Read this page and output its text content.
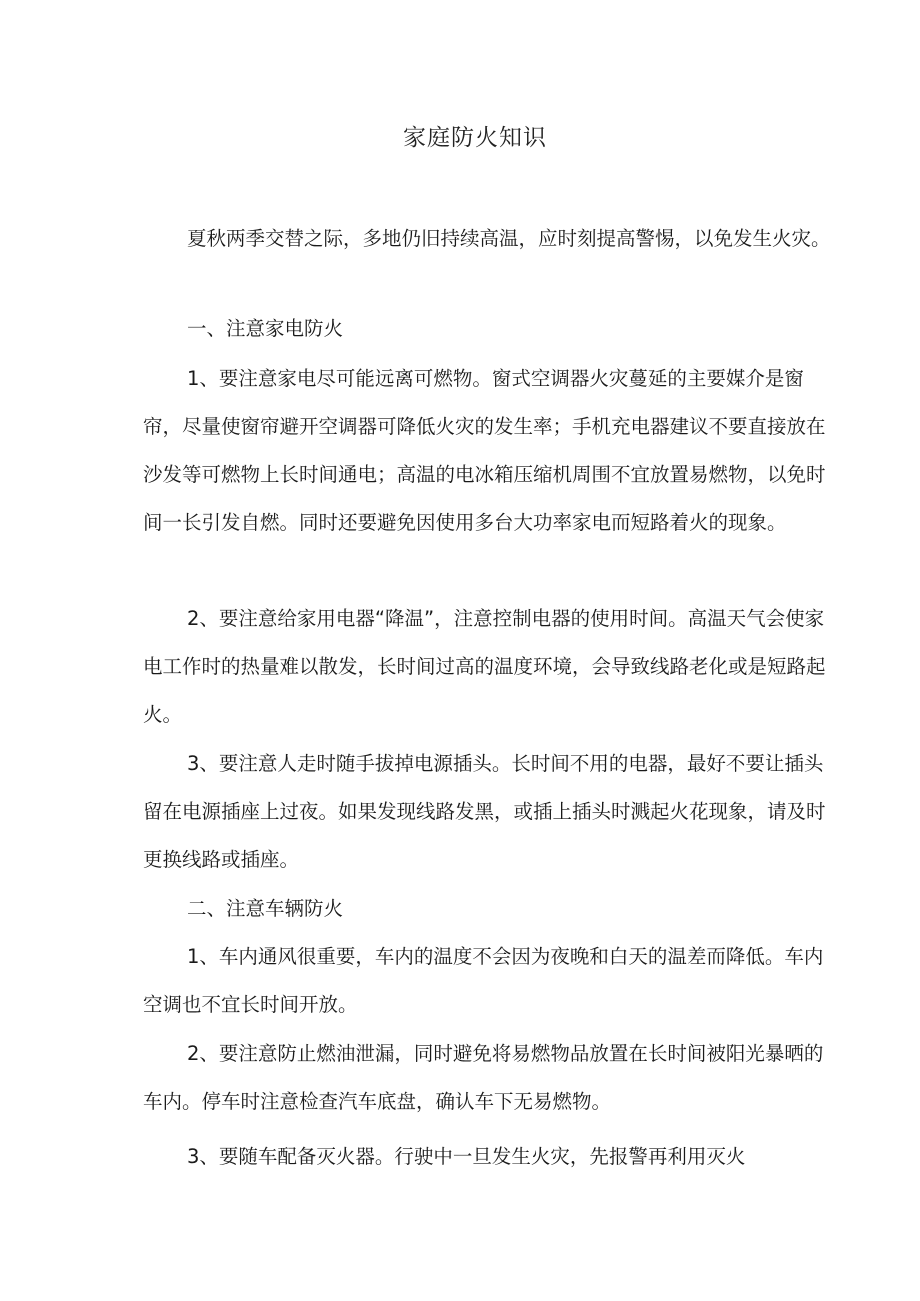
家庭防火知识
夏秋两季交替之际，多地仍旧持续高温，应时刻提高警惕，以免发生火灾。
一、注意家电防火
1、要注意家电尽可能远离可燃物。窗式空调器火灾蔓延的主要媒介是窗帘，尽量使窗帘避开空调器可降低火灾的发生率；手机充电器建议不要直接放在沙发等可燃物上长时间通电；高温的电冰箱压缩机周围不宜放置易燃物，以免时间一长引发自燃。同时还要避免因使用多台大功率家电而短路着火的现象。
2、要注意给家用电器“降温”，注意控制电器的使用时间。高温天气会使家电工作时的热量难以散发，长时间过高的温度环境，会导致线路老化或是短路起火。
3、要注意人走时随手拔掉电源插头。长时间不用的电器，最好不要让插头留在电源插座上过夜。如果发现线路发黑，或插上插头时溅起火花现象，请及时更换线路或插座。
二、注意车辆防火
1、车内通风很重要，车内的温度不会因为夜晚和白天的温差而降低。车内空调也不宜长时间开放。
2、要注意防止燃油泄漏，同时避免将易燃物品放置在长时间被阳光暴晒的车内。停车时注意检查汽车底盘，确认车下无易燃物。
3、要随车配备灭火器。行驶中一旦发生火灾，先报警再利用灭火
